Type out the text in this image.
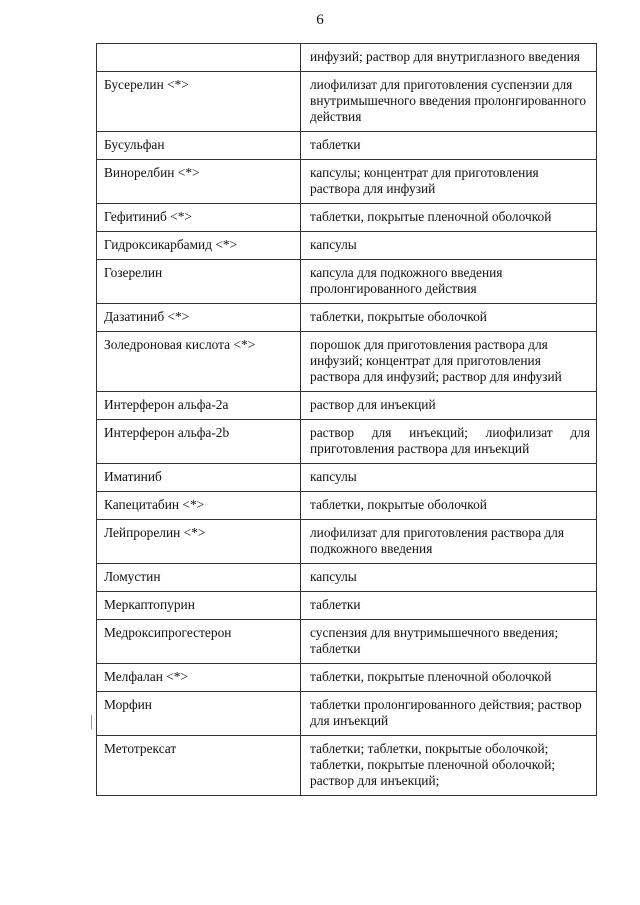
6
	инфузий; раствор для внутриглазного введения
Бусерелин <*>	лиофилизат для приготовления суспензии для внутримышечного введения пролонгированного действия
Бусульфан	таблетки
Винорелбин <*>	капсулы; концентрат для приготовления раствора для инфузий
Гефитиниб <*>	таблетки, покрытые пленочной оболочкой
Гидроксикарбамид <*>	капсулы
Гозерелин	капсула для подкожного введения пролонгированного действия
Дазатиниб <*>	таблетки, покрытые оболочкой
Золедроновая кислота <*>	порошок для приготовления раствора для инфузий; концентрат для приготовления раствора для инфузий; раствор для инфузий
Интерферон альфа-2а	раствор для инъекций
Интерферон альфа-2b	раствор для инъекций; лиофилизат для приготовления раствора для инъекций
Иматиниб	капсулы
Капецитабин <*>	таблетки, покрытые оболочкой
Лейпрорелин <*>	лиофилизат для приготовления раствора для подкожного введения
Ломустин	капсулы
Меркаптопурин	таблетки
Медроксипрогестерон	суспензия для внутримышечного введения; таблетки
Мелфалан <*>	таблетки, покрытые пленочной оболочкой
Морфин	таблетки пролонгированного действия; раствор для инъекций
Метотрексат	таблетки; таблетки, покрытые оболочкой; таблетки, покрытые пленочной оболочкой; раствор для инъекций;
